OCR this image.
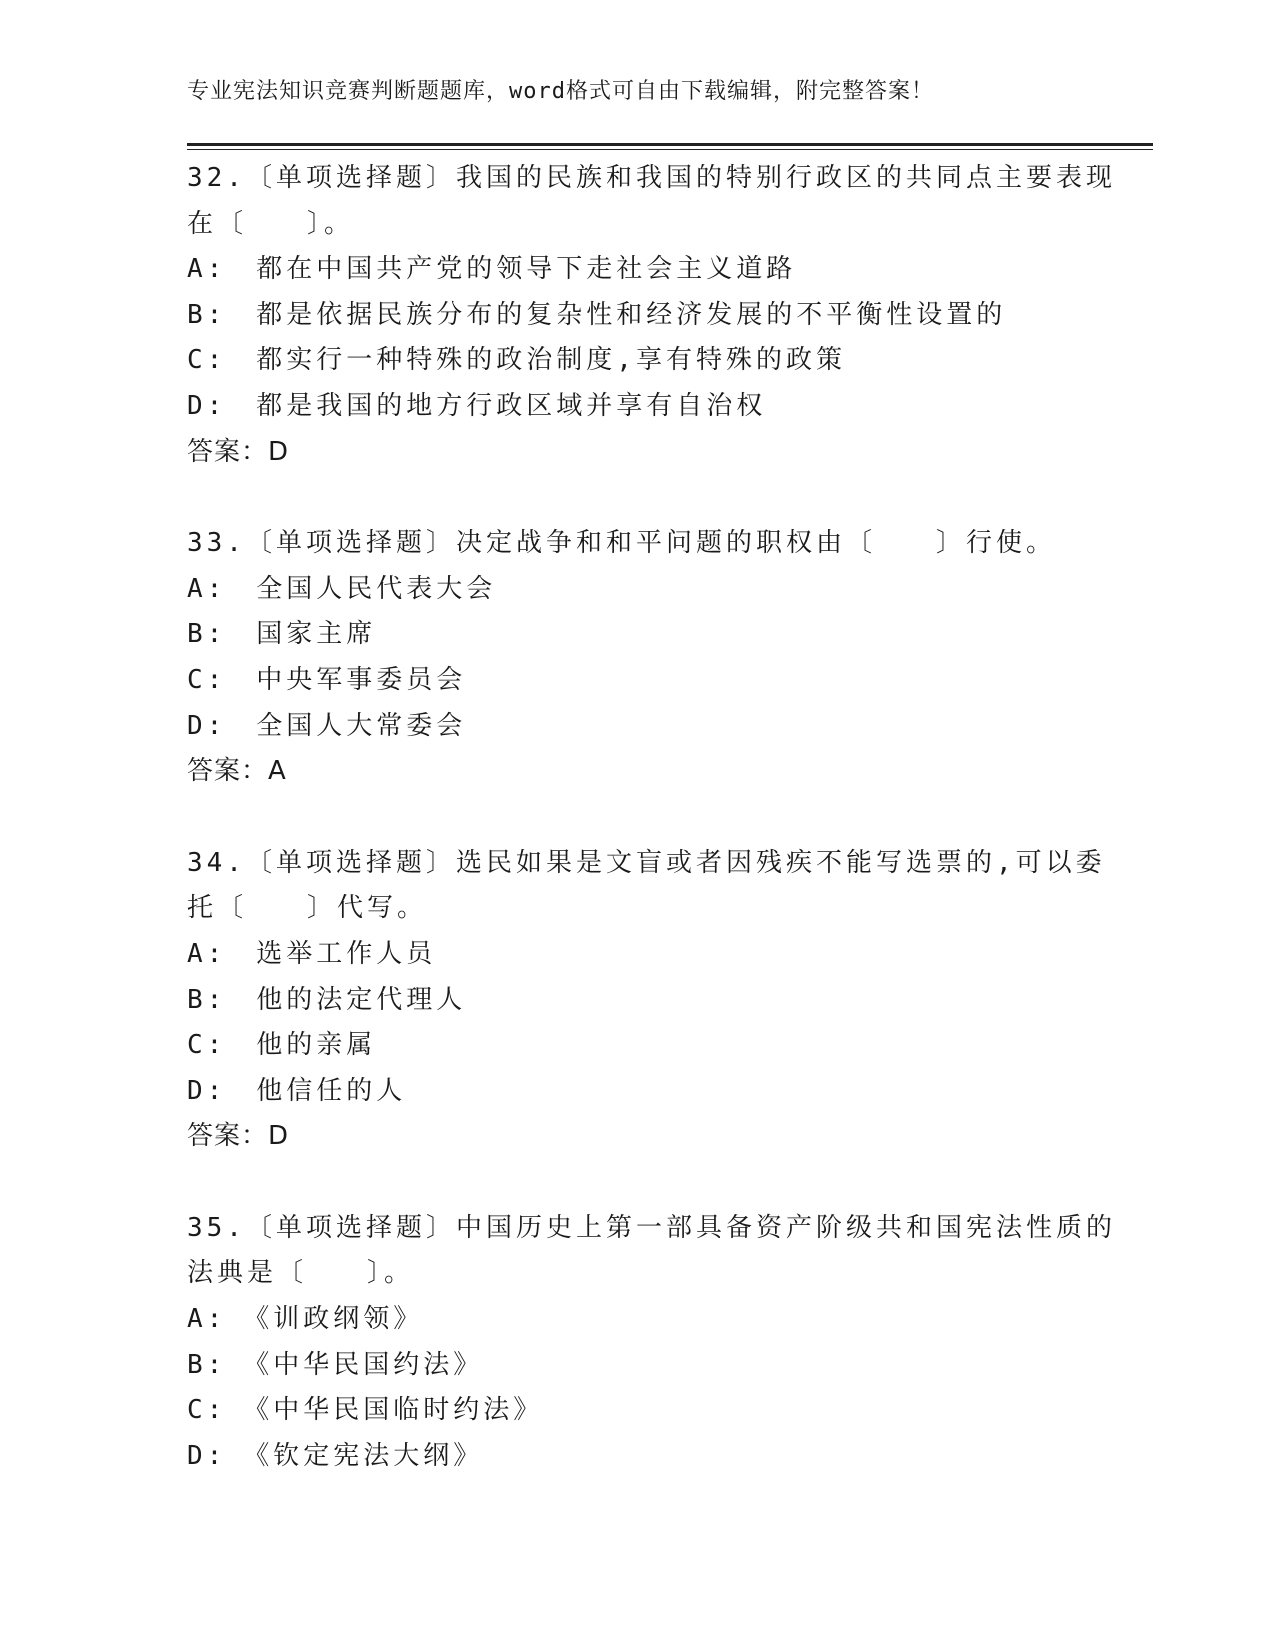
专业宪法知识竞赛判断题题库，word格式可自由下载编辑，附完整答案！
32.〔单项选择题〕我国的民族和我国的特别行政区的共同点主要表现
在〔　　〕。
A:　都在中国共产党的领导下走社会主义道路
B:　都是依据民族分布的复杂性和经济发展的不平衡性设置的
C:　都实行一种特殊的政治制度,享有特殊的政策
D:　都是我国的地方行政区域并享有自治权
答案：D
33.〔单项选择题〕决定战争和和平问题的职权由〔　　〕行使。
A:　全国人民代表大会
B:　国家主席
C:　中央军事委员会
D:　全国人大常委会
答案：A
34.〔单项选择题〕选民如果是文盲或者因残疾不能写选票的,可以委
托〔　　〕代写。
A:　选举工作人员
B:　他的法定代理人
C:　他的亲属
D:　他信任的人
答案：D
35.〔单项选择题〕中国历史上第一部具备资产阶级共和国宪法性质的
法典是〔　　〕。
A:　《训政纲领》
B:　《中华民国约法》
C:　《中华民国临时约法》
D:　《钦定宪法大纲》
